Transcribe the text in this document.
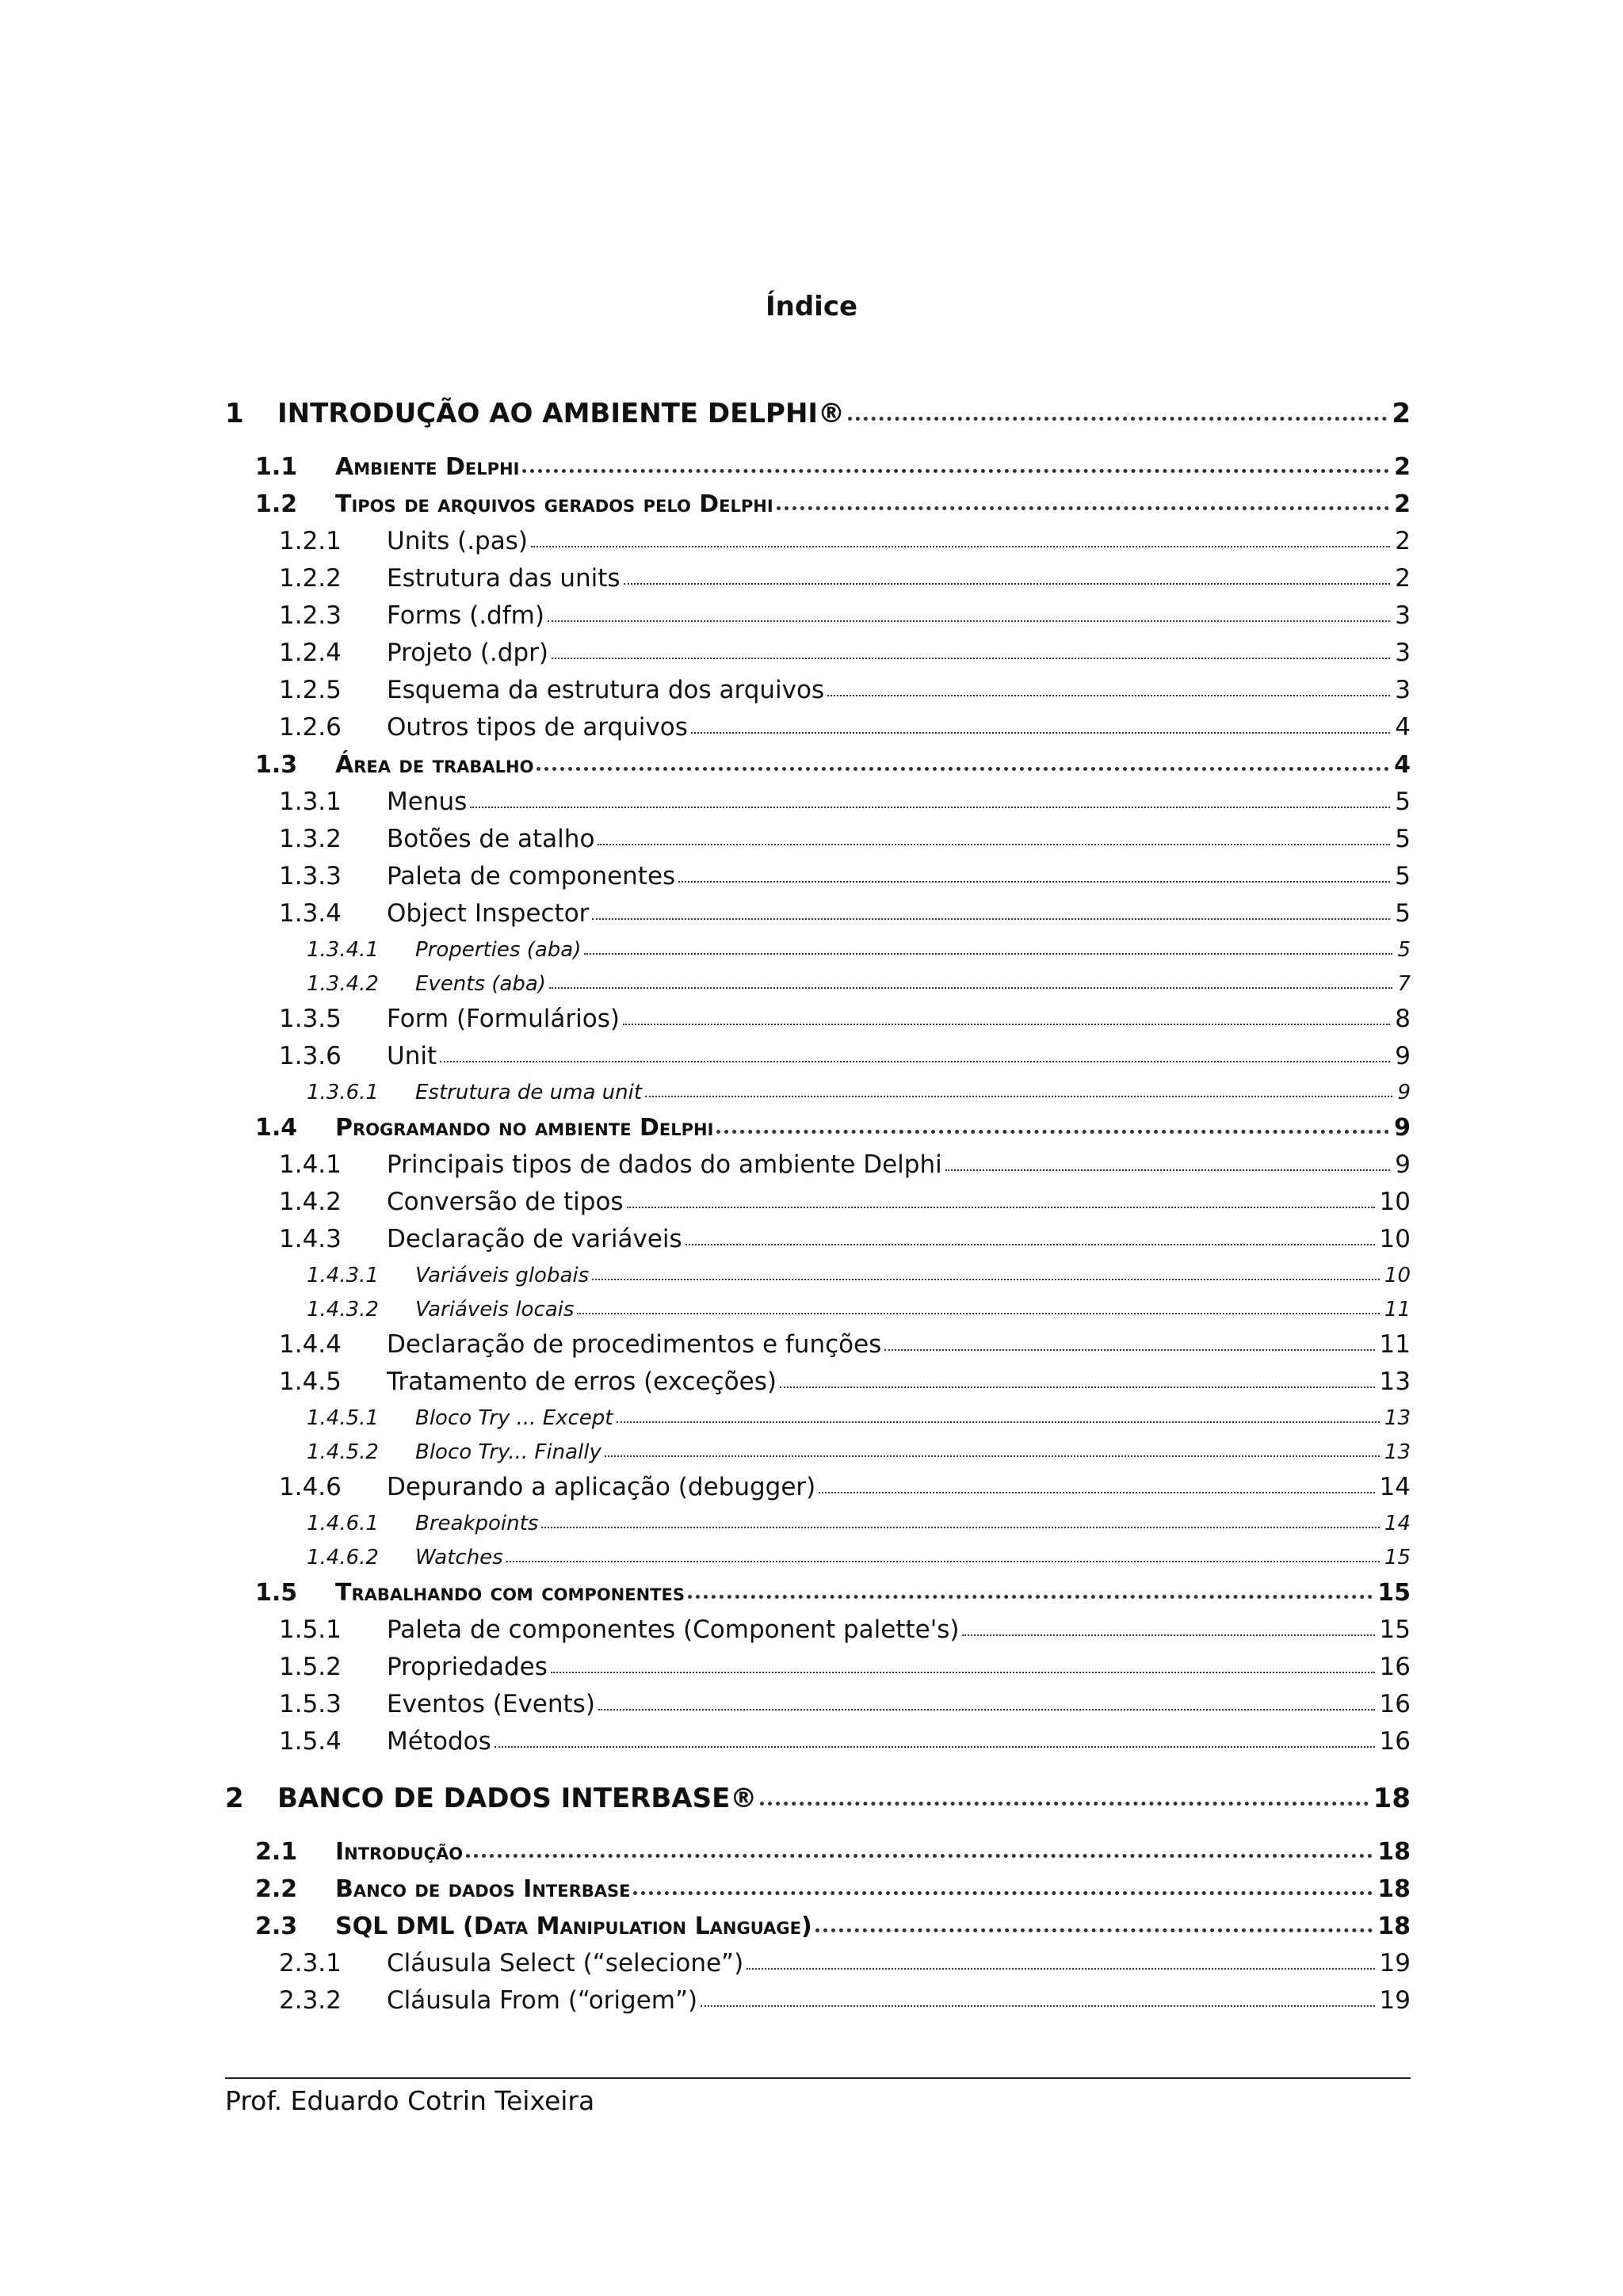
Índice
1	INTRODUÇÃO AO AMBIENTE DELPHI®	2
1.1	Ambiente Delphi	2
1.2	Tipos de arquivos gerados pelo Delphi	2
1.2.1	Units (.pas)	2
1.2.2	Estrutura das units	2
1.2.3	Forms (.dfm)	3
1.2.4	Projeto (.dpr)	3
1.2.5	Esquema da estrutura dos arquivos	3
1.2.6	Outros tipos de arquivos	4
1.3	Área de trabalho	4
1.3.1	Menus	5
1.3.2	Botões de atalho	5
1.3.3	Paleta de componentes	5
1.3.4	Object Inspector	5
1.3.4.1	Properties (aba)	5
1.3.4.2	Events (aba)	7
1.3.5	Form (Formulários)	8
1.3.6	Unit	9
1.3.6.1	Estrutura de uma unit	9
1.4	Programando no ambiente Delphi	9
1.4.1	Principais tipos de dados do ambiente Delphi	9
1.4.2	Conversão de tipos	10
1.4.3	Declaração de variáveis	10
1.4.3.1	Variáveis globais	10
1.4.3.2	Variáveis locais	11
1.4.4	Declaração de procedimentos e funções	11
1.4.5	Tratamento de erros (exceções)	13
1.4.5.1	Bloco Try ... Except	13
1.4.5.2	Bloco Try... Finally	13
1.4.6	Depurando a aplicação (debugger)	14
1.4.6.1	Breakpoints	14
1.4.6.2	Watches	15
1.5	Trabalhando com componentes	15
1.5.1	Paleta de componentes (Component palette's)	15
1.5.2	Propriedades	16
1.5.3	Eventos (Events)	16
1.5.4	Métodos	16
2	BANCO DE DADOS INTERBASE®	18
2.1	Introdução	18
2.2	Banco de dados Interbase	18
2.3	SQL DML (Data Manipulation Language)	18
2.3.1	Cláusula Select (“selecione”)	19
2.3.2	Cláusula From (“origem”)	19
Prof. Eduardo Cotrin Teixeira
